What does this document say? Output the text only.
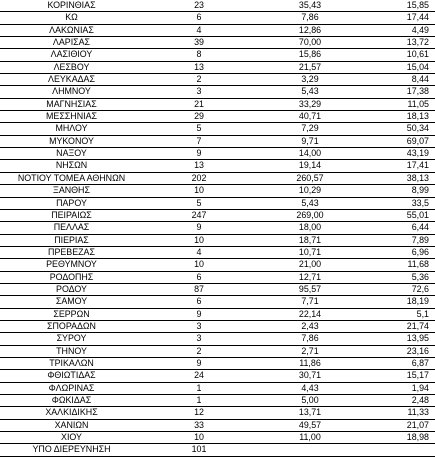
ΚΟΡΙΝΘΙΑΣ	23	35,43	15,85
ΚΩ	6	7,86	17,44
ΛΑΚΩΝΙΑΣ	4	12,86	4,49
ΛΑΡΙΣΑΣ	39	70,00	13,72
ΛΑΣΙΘΙΟΥ	8	15,86	10,61
ΛΕΣΒΟΥ	13	21,57	15,04
ΛΕΥΚΑΔΑΣ	2	3,29	8,44
ΛΗΜΝΟΥ	3	5,43	17,38
ΜΑΓΝΗΣΙΑΣ	21	33,29	11,05
ΜΕΣΣΗΝΙΑΣ	29	40,71	18,13
ΜΗΛΟΥ	5	7,29	50,34
ΜΥΚΟΝΟΥ	7	9,71	69,07
ΝΑΞΟΥ	9	14,00	43,19
ΝΗΣΩΝ	13	19,14	17,41
ΝΟΤΙΟΥ ΤΟΜΕΑ ΑΘΗΝΩΝ	202	260,57	38,13
ΞΑΝΘΗΣ	10	10,29	8,99
ΠΑΡΟΥ	5	5,43	33,5
ΠΕΙΡΑΙΩΣ	247	269,00	55,01
ΠΕΛΛΑΣ	9	18,00	6,44
ΠΙΕΡΙΑΣ	10	18,71	7,89
ΠΡΕΒΕΖΑΣ	4	10,71	6,96
ΡΕΘΥΜΝΟΥ	10	21,00	11,68
ΡΟΔΟΠΗΣ	6	12,71	5,36
ΡΟΔΟΥ	87	95,57	72,6
ΣΑΜΟΥ	6	7,71	18,19
ΣΕΡΡΩΝ	9	22,14	5,1
ΣΠΟΡΑΔΩΝ	3	2,43	21,74
ΣΥΡΟΥ	3	7,86	13,95
ΤΗΝΟΥ	2	2,71	23,16
ΤΡΙΚΑΛΩΝ	9	11,86	6,87
ΦΘΙΩΤΙΔΑΣ	24	30,71	15,17
ΦΛΩΡΙΝΑΣ	1	4,43	1,94
ΦΩΚΙΔΑΣ	1	5,00	2,48
ΧΑΛΚΙΔΙΚΗΣ	12	13,71	11,33
ΧΑΝΙΩΝ	33	49,57	21,07
ΧΙΟΥ	10	11,00	18,98
ΥΠΟ ΔΙΕΡΕΥΝΗΣΗ	101		
